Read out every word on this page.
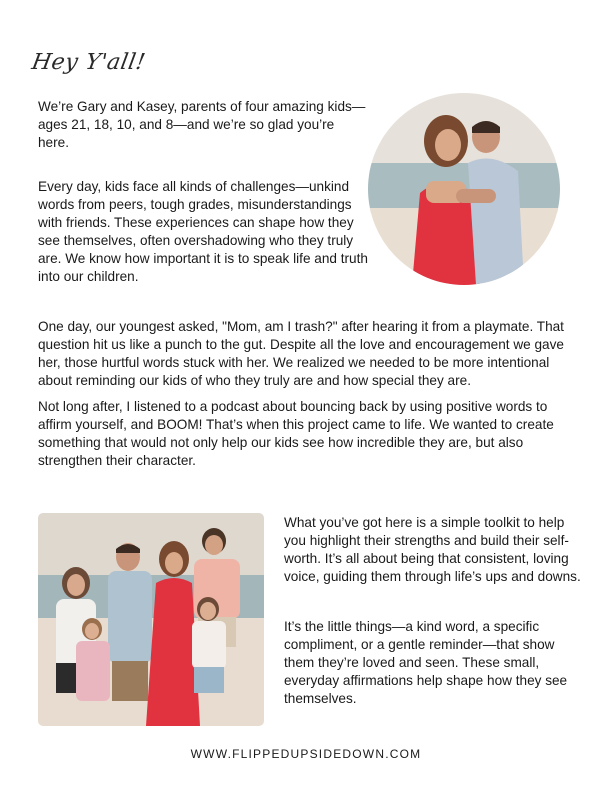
Hey Y'all!

We’re Gary and Kasey, parents of four amazing kids—ages 21, 18, 10, and 8—and we’re so glad you’re here.

Every day, kids face all kinds of challenges—unkind words from peers, tough grades, misunderstandings with friends. These experiences can shape how they see themselves, often overshadowing who they truly are. We know how important it is to speak life and truth into our children.

One day, our youngest asked, "Mom, am I trash?" after hearing it from a playmate. That question hit us like a punch to the gut. Despite all the love and encouragement we gave her, those hurtful words stuck with her. We realized we needed to be more intentional about reminding our kids of who they truly are and how special they are.

Not long after, I listened to a podcast about bouncing back by using positive words to affirm yourself, and BOOM! That’s when this project came to life. We wanted to create something that would not only help our kids see how incredible they are, but also strengthen their character.

What you’ve got here is a simple toolkit to help you highlight their strengths and build their self-worth. It’s all about being that consistent, loving voice, guiding them through life’s ups and downs.

It’s the little things—a kind word, a specific compliment, or a gentle reminder—that show them they’re loved and seen. These small, everyday affirmations help shape how they see themselves.

WWW.FLIPPEDUPSIDEDOWN.COM
